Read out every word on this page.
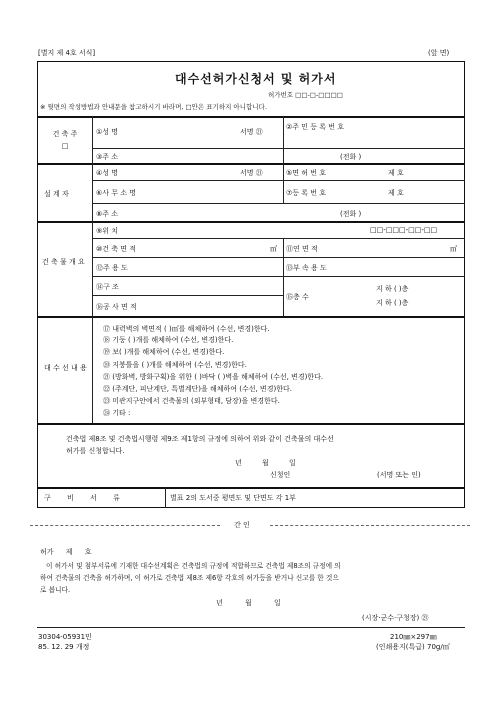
[별지 제 4호 서식]	(앞 면)
대수선허가신청서 및 허가서
허가번호 □□-□-□□□□
※ 뒷면의 작성방법과 안내문을 참고하시기 바라며, □안은 표기하지 아니합니다.
건 축 주
□
①성 명	서명 ㉑
②주 민 등 록 번 호
③주 소	(전화 )
설 계 자
④성 명	서명 ㉑	⑤면 허 번 호	제 호
⑥사 무 소 명	⑦등 록 번 호	제 호
⑧주 소	(전화 )
건 축 물 개 요
⑨위 치	□□-□□□-□□-□□
⑩건 축 면 적	㎡ ⑪연 면 적	㎡
⑫주 용 도	⑬부 속 용 도
⑭구 조
⑮층 수
지 하 ( )층
지 하 ( )층
⑯공 사 면 적
대 수 선 내 용
⑰ 내력벽의 벽면적 ( )㎡를 해체하여 (수선, 변경)한다.
⑱ 기둥 ( )개를 해체하여 (수선, 변경)한다.
⑲ 보( )개를 해체하여 (수선, 변경)한다.
⑳ 지붕틀을 ( )개를 해체하여 (수선, 변경)한다.
㉑ (방화벽, 방화구획)을 위한 ( )바닥 ( )벽을 해체하여 (수선, 변경)한다.
㉒ (주계단, 피난계단, 특별계단)을 해체하여 (수선, 변경)한다.
㉓ 미관지구안에서 건축물의 (외부형태, 담장)을 변경한다.
㉔ 기타 :
건축법 제8조 및 건축법시행령 제9조 제1항의 규정에 의하여 위와 같이 건축물의 대수선
허가를 신청합니다.
년 월 일
신청인	(서명 또는 인)
구 비 서 류	별표 2의 도서중 평면도 및 단면도 각 1부
간 인
허가 제 호
이 허가서 및 첨부서류에 기재한 대수선계획은 건축법의 규정에 적합하므로 건축법 제8조의 규정에 의
하여 건축물의 건축을 허가하며, 이 허가로 건축법 제8조 제6항 각호의 허가등을 받거나 신고를 한 것으
로 봅니다.
년 월 일
(시장·군수·구청장) ㉑
30304-05931민
85. 12. 29 개정
210㎜×297㎜
(인쇄용지(특급) 70g/㎡
